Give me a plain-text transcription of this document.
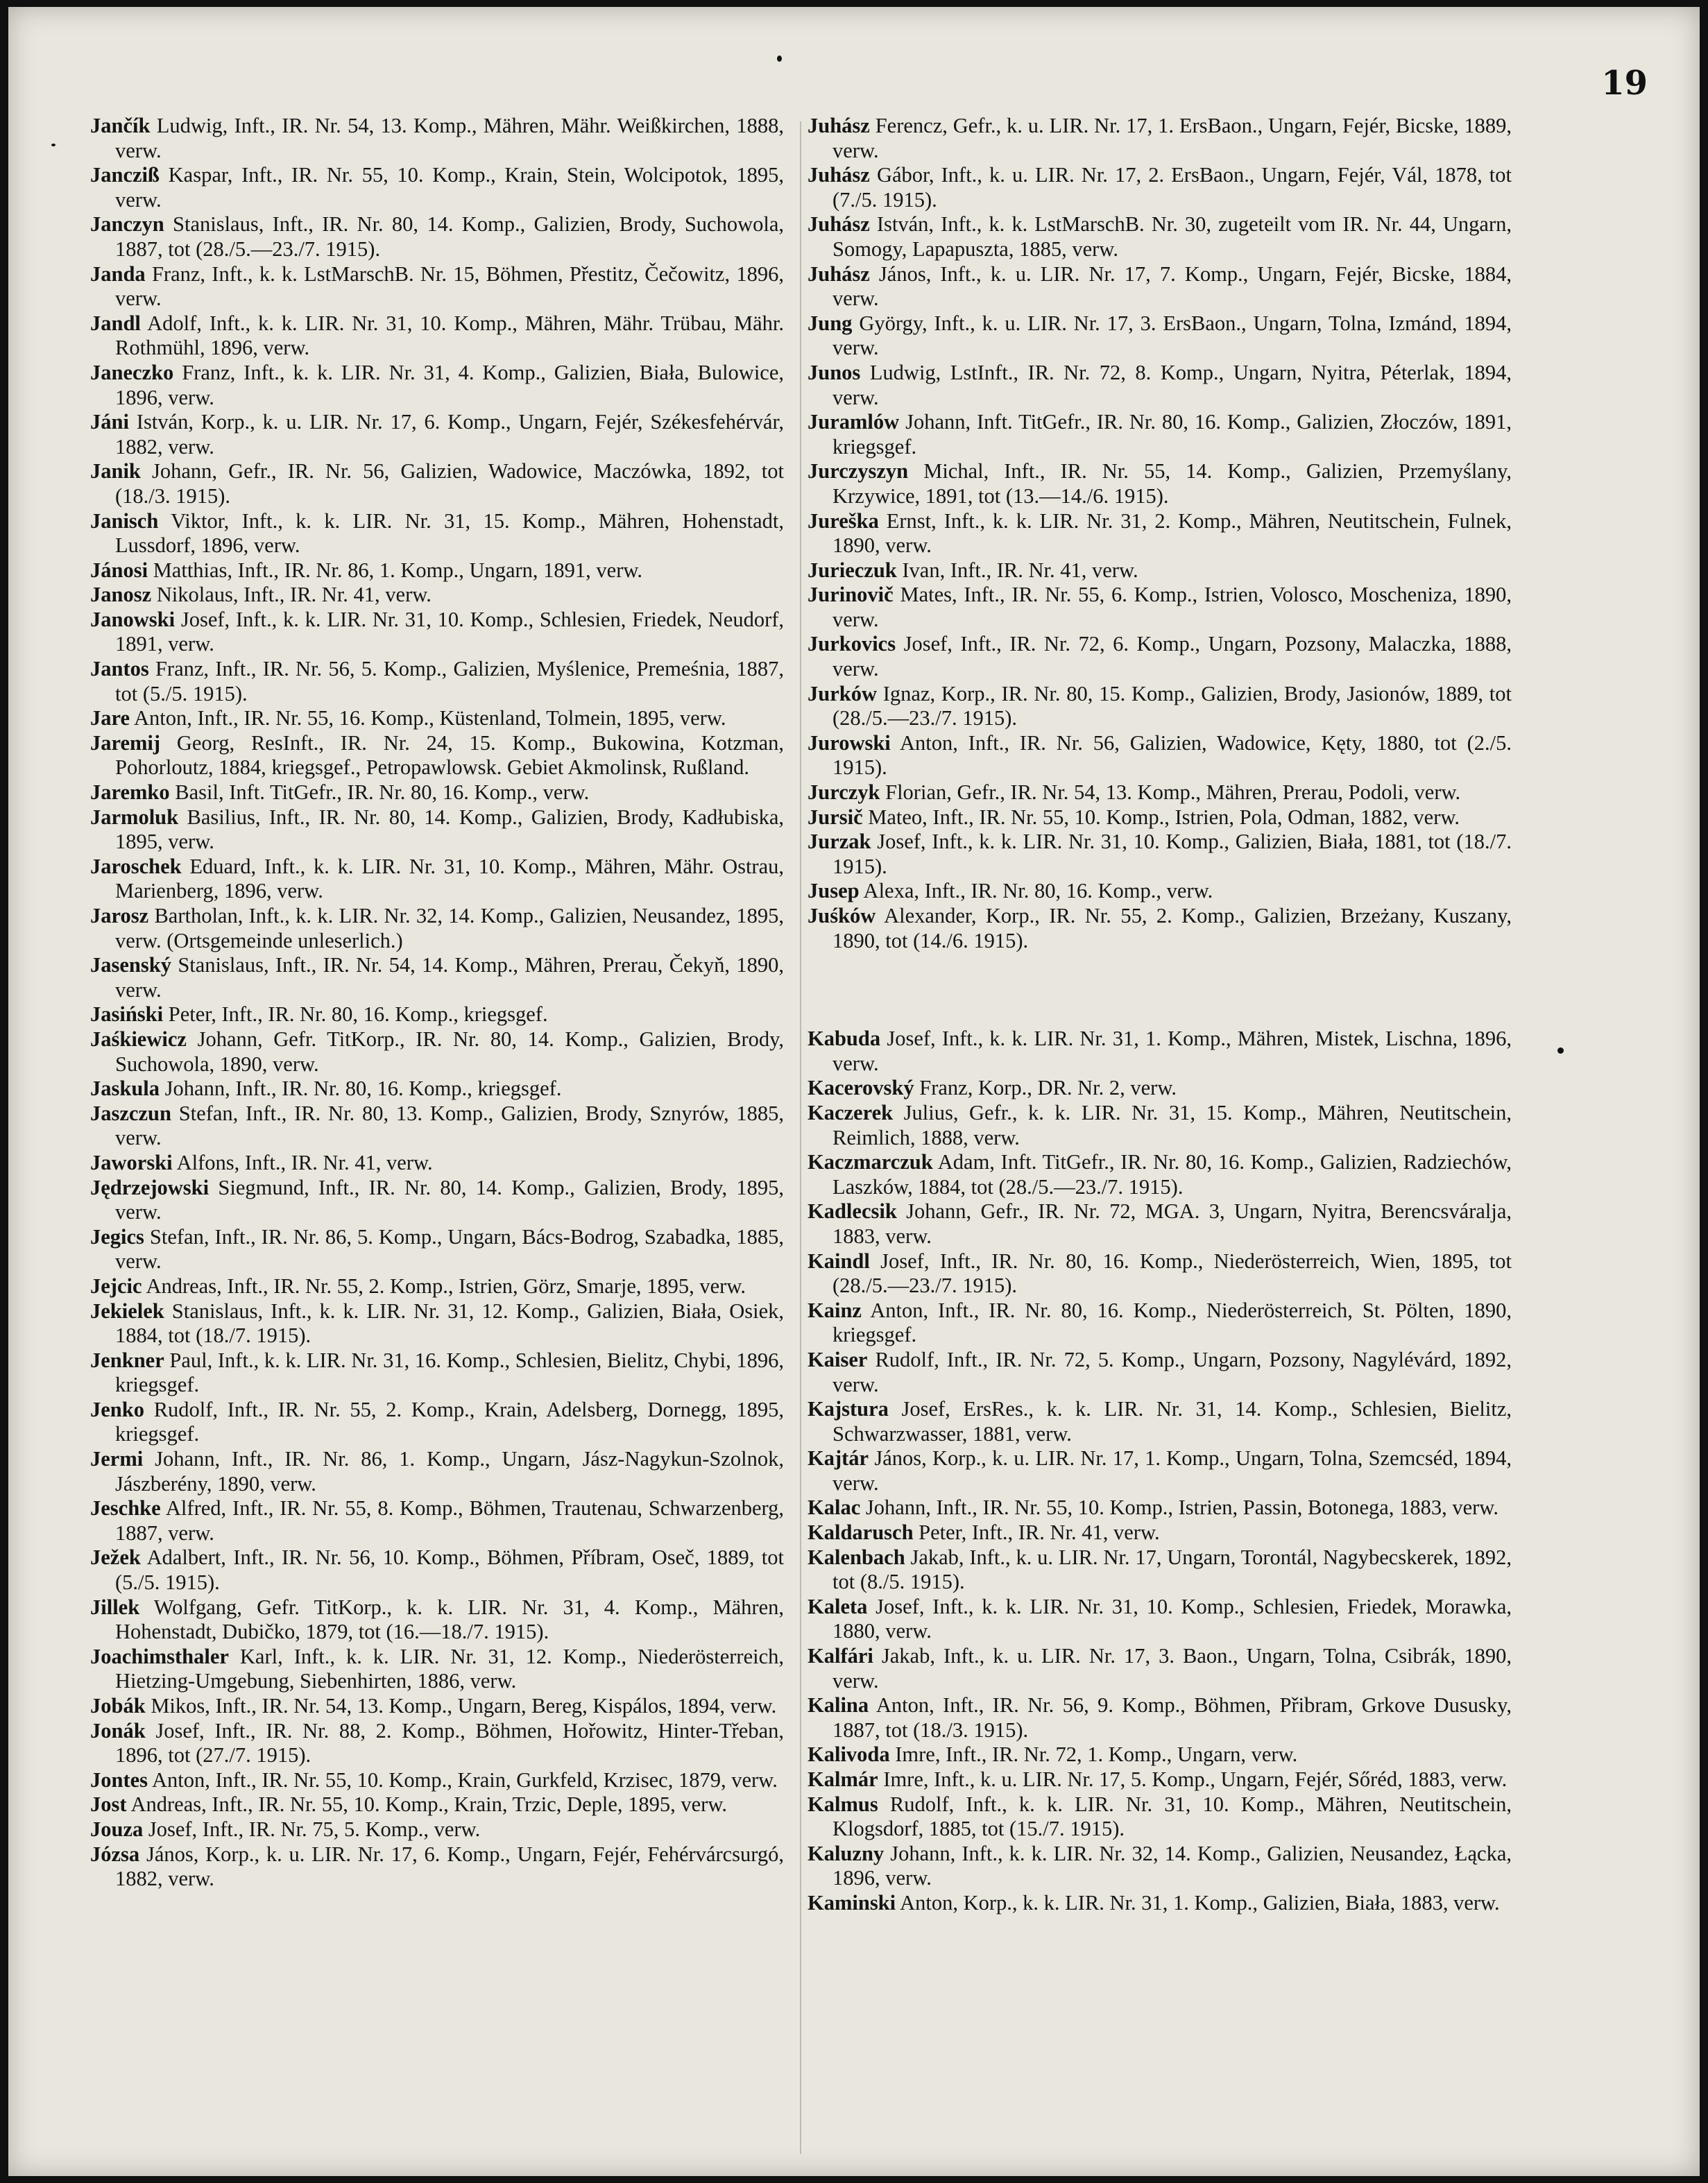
19
Jančík Ludwig, Inft., IR. Nr. 54, 13. Komp., Mähren, Mähr. Weißkirchen, 1888, verw.
Jancziß Kaspar, Inft., IR. Nr. 55, 10. Komp., Krain, Stein, Wolcipotok, 1895, verw.
Janczyn Stanislaus, Inft., IR. Nr. 80, 14. Komp., Galizien, Brody, Suchowola, 1887, tot (28./5.—23./7. 1915).
Janda Franz, Inft., k. k. LstMarschB. Nr. 15, Böhmen, Přestitz, Čečowitz, 1896, verw.
Jandl Adolf, Inft., k. k. LIR. Nr. 31, 10. Komp., Mähren, Mähr. Trübau, Mähr. Rothmühl, 1896, verw.
Janeczko Franz, Inft., k. k. LIR. Nr. 31, 4. Komp., Galizien, Biała, Bulowice, 1896, verw.
Jáni István, Korp., k. u. LIR. Nr. 17, 6. Komp., Ungarn, Fejér, Székesfehérvár, 1882, verw.
Janik Johann, Gefr., IR. Nr. 56, Galizien, Wadowice, Maczówka, 1892, tot (18./3. 1915).
Janisch Viktor, Inft., k. k. LIR. Nr. 31, 15. Komp., Mähren, Hohenstadt, Lussdorf, 1896, verw.
Jánosi Matthias, Inft., IR. Nr. 86, 1. Komp., Ungarn, 1891, verw.
Janosz Nikolaus, Inft., IR. Nr. 41, verw.
Janowski Josef, Inft., k. k. LIR. Nr. 31, 10. Komp., Schlesien, Friedek, Neudorf, 1891, verw.
Jantos Franz, Inft., IR. Nr. 56, 5. Komp., Galizien, Myślenice, Premeśnia, 1887, tot (5./5. 1915).
Jare Anton, Inft., IR. Nr. 55, 16. Komp., Küstenland, Tolmein, 1895, verw.
Jaremij Georg, ResInft., IR. Nr. 24, 15. Komp., Bukowina, Kotzman, Pohorloutz, 1884, kriegsgef., Petropawlowsk. Gebiet Akmolinsk, Rußland.
Jaremko Basil, Inft. TitGefr., IR. Nr. 80, 16. Komp., verw.
Jarmoluk Basilius, Inft., IR. Nr. 80, 14. Komp., Galizien, Brody, Kadłubiska, 1895, verw.
Jaroschek Eduard, Inft., k. k. LIR. Nr. 31, 10. Komp., Mähren, Mähr. Ostrau, Marienberg, 1896, verw.
Jarosz Bartholan, Inft., k. k. LIR. Nr. 32, 14. Komp., Galizien, Neusandez, 1895, verw. (Ortsgemeinde unleserlich.)
Jasenský Stanislaus, Inft., IR. Nr. 54, 14. Komp., Mähren, Prerau, Čekyň, 1890, verw.
Jasiński Peter, Inft., IR. Nr. 80, 16. Komp., kriegsgef.
Jaśkiewicz Johann, Gefr. TitKorp., IR. Nr. 80, 14. Komp., Galizien, Brody, Suchowola, 1890, verw.
Jaskula Johann, Inft., IR. Nr. 80, 16. Komp., kriegsgef.
Jaszczun Stefan, Inft., IR. Nr. 80, 13. Komp., Galizien, Brody, Sznyrów, 1885, verw.
Jaworski Alfons, Inft., IR. Nr. 41, verw.
Jędrzejowski Siegmund, Inft., IR. Nr. 80, 14. Komp., Galizien, Brody, 1895, verw.
Jegics Stefan, Inft., IR. Nr. 86, 5. Komp., Ungarn, Bács-Bodrog, Szabadka, 1885, verw.
Jejcic Andreas, Inft., IR. Nr. 55, 2. Komp., Istrien, Görz, Smarje, 1895, verw.
Jekielek Stanislaus, Inft., k. k. LIR. Nr. 31, 12. Komp., Galizien, Biała, Osiek, 1884, tot (18./7. 1915).
Jenkner Paul, Inft., k. k. LIR. Nr. 31, 16. Komp., Schlesien, Bielitz, Chybi, 1896, kriegsgef.
Jenko Rudolf, Inft., IR. Nr. 55, 2. Komp., Krain, Adelsberg, Dornegg, 1895, kriegsgef.
Jermi Johann, Inft., IR. Nr. 86, 1. Komp., Ungarn, Jász-Nagykun-Szolnok, Jászberény, 1890, verw.
Jeschke Alfred, Inft., IR. Nr. 55, 8. Komp., Böhmen, Trautenau, Schwarzenberg, 1887, verw.
Ježek Adalbert, Inft., IR. Nr. 56, 10. Komp., Böhmen, Příbram, Oseč, 1889, tot (5./5. 1915).
Jillek Wolfgang, Gefr. TitKorp., k. k. LIR. Nr. 31, 4. Komp., Mähren, Hohenstadt, Dubičko, 1879, tot (16.—18./7. 1915).
Joachimsthaler Karl, Inft., k. k. LIR. Nr. 31, 12. Komp., Niederösterreich, Hietzing-Umgebung, Siebenhirten, 1886, verw.
Jobák Mikos, Inft., IR. Nr. 54, 13. Komp., Ungarn, Bereg, Kispálos, 1894, verw.
Jonák Josef, Inft., IR. Nr. 88, 2. Komp., Böhmen, Hořowitz, Hinter-Třeban, 1896, tot (27./7. 1915).
Jontes Anton, Inft., IR. Nr. 55, 10. Komp., Krain, Gurkfeld, Krzisec, 1879, verw.
Jost Andreas, Inft., IR. Nr. 55, 10. Komp., Krain, Trzic, Deple, 1895, verw.
Jouza Josef, Inft., IR. Nr. 75, 5. Komp., verw.
Józsa János, Korp., k. u. LIR. Nr. 17, 6. Komp., Ungarn, Fejér, Fehérvárcsurgó, 1882, verw.
Juhász Ferencz, Gefr., k. u. LIR. Nr. 17, 1. ErsBaon., Ungarn, Fejér, Bicske, 1889, verw.
Juhász Gábor, Inft., k. u. LIR. Nr. 17, 2. ErsBaon., Ungarn, Fejér, Vál, 1878, tot (7./5. 1915).
Juhász István, Inft., k. k. LstMarschB. Nr. 30, zugeteilt vom IR. Nr. 44, Ungarn, Somogy, Lapapuszta, 1885, verw.
Juhász János, Inft., k. u. LIR. Nr. 17, 7. Komp., Ungarn, Fejér, Bicske, 1884, verw.
Jung György, Inft., k. u. LIR. Nr. 17, 3. ErsBaon., Ungarn, Tolna, Izmánd, 1894, verw.
Junos Ludwig, LstInft., IR. Nr. 72, 8. Komp., Ungarn, Nyitra, Péterlak, 1894, verw.
Juramlów Johann, Inft. TitGefr., IR. Nr. 80, 16. Komp., Galizien, Złoczów, 1891, kriegsgef.
Jurczyszyn Michal, Inft., IR. Nr. 55, 14. Komp., Galizien, Przemyślany, Krzywice, 1891, tot (13.—14./6. 1915).
Jureška Ernst, Inft., k. k. LIR. Nr. 31, 2. Komp., Mähren, Neutitschein, Fulnek, 1890, verw.
Jurieczuk Ivan, Inft., IR. Nr. 41, verw.
Jurinovič Mates, Inft., IR. Nr. 55, 6. Komp., Istrien, Volosco, Moscheniza, 1890, verw.
Jurkovics Josef, Inft., IR. Nr. 72, 6. Komp., Ungarn, Pozsony, Malaczka, 1888, verw.
Jurków Ignaz, Korp., IR. Nr. 80, 15. Komp., Galizien, Brody, Jasionów, 1889, tot (28./5.—23./7. 1915).
Jurowski Anton, Inft., IR. Nr. 56, Galizien, Wadowice, Kęty, 1880, tot (2./5. 1915).
Jurczyk Florian, Gefr., IR. Nr. 54, 13. Komp., Mähren, Prerau, Podoli, verw.
Jursič Mateo, Inft., IR. Nr. 55, 10. Komp., Istrien, Pola, Odman, 1882, verw.
Jurzak Josef, Inft., k. k. LIR. Nr. 31, 10. Komp., Galizien, Biała, 1881, tot (18./7. 1915).
Jusep Alexa, Inft., IR. Nr. 80, 16. Komp., verw.
Juśków Alexander, Korp., IR. Nr. 55, 2. Komp., Galizien, Brzeżany, Kuszany, 1890, tot (14./6. 1915).
Kabuda Josef, Inft., k. k. LIR. Nr. 31, 1. Komp., Mähren, Mistek, Lischna, 1896, verw.
Kacerovský Franz, Korp., DR. Nr. 2, verw.
Kaczerek Julius, Gefr., k. k. LIR. Nr. 31, 15. Komp., Mähren, Neutitschein, Reimlich, 1888, verw.
Kaczmarczuk Adam, Inft. TitGefr., IR. Nr. 80, 16. Komp., Galizien, Radziechów, Laszków, 1884, tot (28./5.—23./7. 1915).
Kadlecsik Johann, Gefr., IR. Nr. 72, MGA. 3, Ungarn, Nyitra, Berencsváralja, 1883, verw.
Kaindl Josef, Inft., IR. Nr. 80, 16. Komp., Niederösterreich, Wien, 1895, tot (28./5.—23./7. 1915).
Kainz Anton, Inft., IR. Nr. 80, 16. Komp., Niederösterreich, St. Pölten, 1890, kriegsgef.
Kaiser Rudolf, Inft., IR. Nr. 72, 5. Komp., Ungarn, Pozsony, Nagylévárd, 1892, verw.
Kajstura Josef, ErsRes., k. k. LIR. Nr. 31, 14. Komp., Schlesien, Bielitz, Schwarzwasser, 1881, verw.
Kajtár János, Korp., k. u. LIR. Nr. 17, 1. Komp., Ungarn, Tolna, Szemcséd, 1894, verw.
Kalac Johann, Inft., IR. Nr. 55, 10. Komp., Istrien, Passin, Botonega, 1883, verw.
Kaldarusch Peter, Inft., IR. Nr. 41, verw.
Kalenbach Jakab, Inft., k. u. LIR. Nr. 17, Ungarn, Torontál, Nagybecskerek, 1892, tot (8./5. 1915).
Kaleta Josef, Inft., k. k. LIR. Nr. 31, 10. Komp., Schlesien, Friedek, Morawka, 1880, verw.
Kalfári Jakab, Inft., k. u. LIR. Nr. 17, 3. Baon., Ungarn, Tolna, Csibrák, 1890, verw.
Kalina Anton, Inft., IR. Nr. 56, 9. Komp., Böhmen, Přibram, Grkove Dususky, 1887, tot (18./3. 1915).
Kalivoda Imre, Inft., IR. Nr. 72, 1. Komp., Ungarn, verw.
Kalmár Imre, Inft., k. u. LIR. Nr. 17, 5. Komp., Ungarn, Fejér, Sőréd, 1883, verw.
Kalmus Rudolf, Inft., k. k. LIR. Nr. 31, 10. Komp., Mähren, Neutitschein, Klogsdorf, 1885, tot (15./7. 1915).
Kaluzny Johann, Inft., k. k. LIR. Nr. 32, 14. Komp., Galizien, Neusandez, Łącka, 1896, verw.
Kaminski Anton, Korp., k. k. LIR. Nr. 31, 1. Komp., Galizien, Biała, 1883, verw.
